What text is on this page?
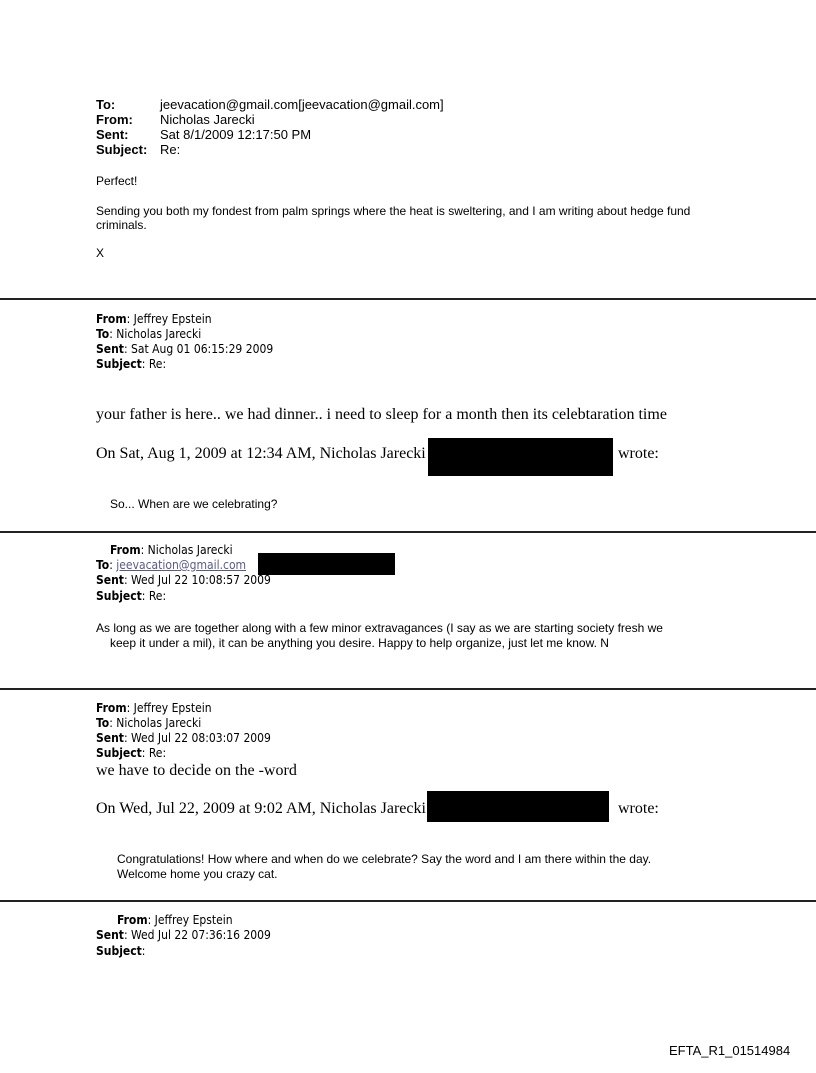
To:	jeevacation@gmail.com[jeevacation@gmail.com]
From: Nicholas Jarecki
Sent: Sat 8/1/2009 12:17:50 PM
Subject: Re:
Perfect!
Sending you both my fondest from palm springs where the heat is sweltering, and I am writing about hedge fund
criminals.
X
From: Jeffrey Epstein
To: Nicholas Jarecki
Sent: Sat Aug 01 06:15:29 2009
Subject: Re:
your father is here.. we had dinner.. i need to sleep for a month then its celebtaration time
On Sat, Aug 1, 2009 at 12:34 AM, Nicholas Jarecki	wrote:
So... When are we celebrating?
From: Nicholas Jarecki
To: jeevacation@gmail.com
Sent: Wed Jul 22 10:08:57 2009
Subject: Re:
As long as we are together along with a few minor extravagances (I say as we are starting society fresh we
keep it under a mil), it can be anything you desire. Happy to help organize, just let me know. N
From: Jeffrey Epstein
To: Nicholas Jarecki
Sent: Wed Jul 22 08:03:07 2009
Subject: Re:
we have to decide on the -word
On Wed, Jul 22, 2009 at 9:02 AM, Nicholas Jarecki	wrote:
Congratulations! How where and when do we celebrate? Say the word and I am there within the day.
Welcome home you crazy cat.
From: Jeffrey Epstein
Sent: Wed Jul 22 07:36:16 2009
Subject:
EFTA_R1_01514984
